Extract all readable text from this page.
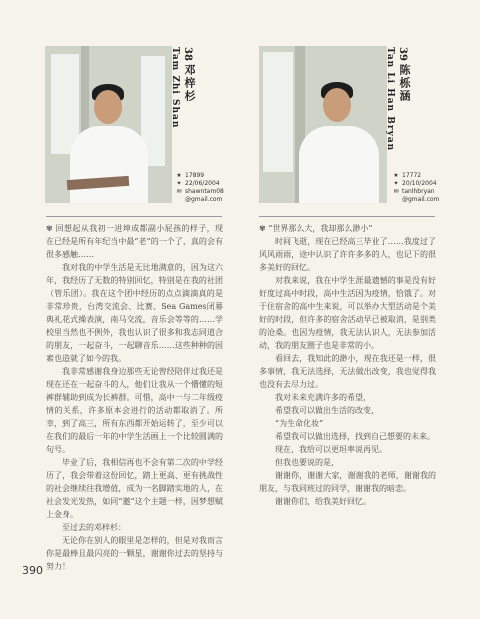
38
邓梓杉
Tam Zhi Shan
★ 17899
✦ 22/06/2004
✉ shawntam08
@gmail.com

✾ 回想起从我初一进坤成都副小屁孩的样子，现在已经是所有年纪当中最“老”的一个了，真的会有很多感触……

我对我的中学生活是无比地满意的，因为这六年，我经历了无数的特别回忆，特别是在我的社团（管乐团）。我在这个团中经历的点点滴滴真的是非常珍贵，台湾交流会、比赛、Sea Games闭幕典礼花式操表演，南马交流，音乐会等等的……学校里当然也不例外，我也认识了很多和我志同道合的朋友，一起奋斗，一起聊音乐……这些种种的因素也造就了如今的我。

我非常感谢我身边那些无论曾经陪伴过我还是现在还在一起奋斗的人，他们让我从一个懵懂的短裤群辅助到成为长裤群。可惜，高中一与二年级疫情的关系，许多原本会进行的活动都取消了。所幸，到了高三，所有东西都开始运转了，至少可以在我们的最后一年的中学生活画上一个比较圆满的句号。

毕业了后，我相信再也不会有第二次的中学经历了，我会带着这份回忆，踏上更高、更有挑战性的社会继续往我增值，成为一名脚踏实地的人，在社会发光发热，如同“邀”这个主题一样，因梦想赋上金身。

至过去的邓梓杉：

无论你在别人的眼里是怎样的，但是对我而言你是最棒且最闪亮的一颗星，谢谢你过去的坚持与努力！

39
陈栎涵
Tan Li Han Bryan
★ 17772
✦ 20/10/2004
✉ tanlhbryan
@gmail.com

✾ “世界那么大，我却那么渺小”

时间飞逝，现在已经高三毕业了……我度过了风风雨雨，途中认识了许许多多的人，也记下的很多美好的回忆。

对我来说，我在中学生涯最遗憾的事是没有好好度过高中时段，高中生活因为疫情，恰饿了。对于住宿舍的高中生来说，可以举办大型活动是个美好的时段，但许多的宿舍活动早已被取消，是别类的沧桑。也因为疫情，我无法认识人，无法参加活动，我的朋友圈子也是非常的小。

看回去，我知此的渺小，现在我还是一样，很多事情，我无法选择，无法做出改变，我也觉得我也没有去尽力过。

我对未来充满许多的希望，

希望我可以做出生活的改变，

“为生命化妆”

希望我可以做出选择，找到自己想要的未来。

现在，我给可以更坦率说再见。

但我也要说的是，

谢谢你，谢谢大家，谢谢我的老师，谢谢我的朋友，与我同班过的同学，谢谢我的暗恋。

谢谢你们，给我美好回忆。

390
